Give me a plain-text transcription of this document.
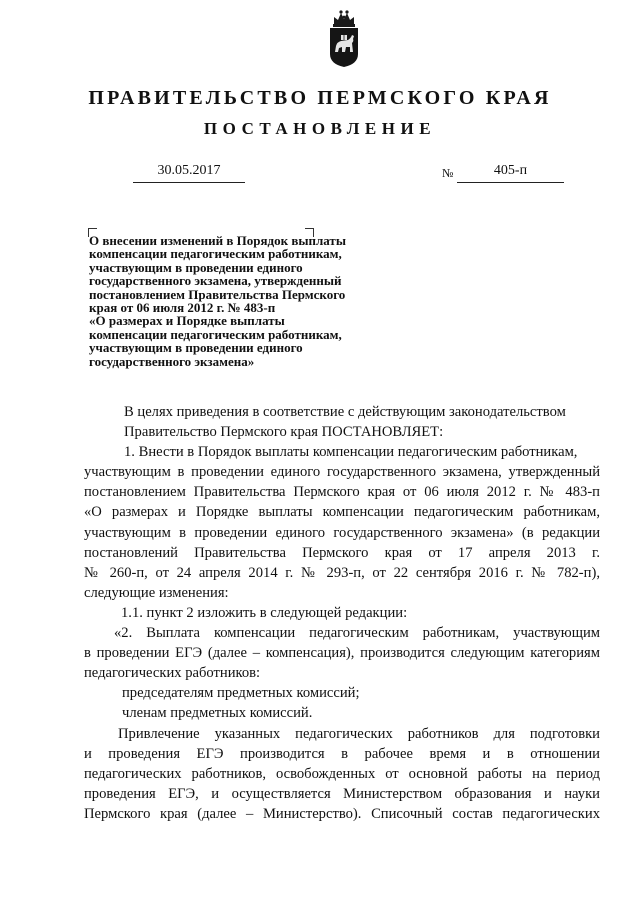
ПРАВИТЕЛЬСТВО ПЕРМСКОГО КРАЯ
ПОСТАНОВЛЕНИЕ
30.05.2017	№	405-п
О внесении изменений в Порядок выплаты
компенсации педагогическим работникам,
участвующим в проведении единого
государственного экзамена, утвержденный
постановлением Правительства Пермского
края от 06 июля 2012 г. № 483-п
«О размерах и Порядке выплаты
компенсации педагогическим работникам,
участвующим в проведении единого
государственного экзамена»
В целях приведения в соответствие с действующим законодательством
Правительство Пермского края ПОСТАНОВЛЯЕТ:
1. Внести в Порядок выплаты компенсации педагогическим работникам,
участвующим в проведении единого государственного экзамена, утвержденный
постановлением Правительства Пермского края от 06 июля 2012 г. № 483-п
«О размерах и Порядке выплаты компенсации педагогическим работникам,
участвующим в проведении единого государственного экзамена» (в редакции
постановлений Правительства Пермского края от 17 апреля 2013 г.
№ 260-п, от 24 апреля 2014 г. № 293-п, от 22 сентября 2016 г. № 782-п),
следующие изменения:
1.1. пункт 2 изложить в следующей редакции:
«2. Выплата компенсации педагогическим работникам, участвующим
в проведении ЕГЭ (далее – компенсация), производится следующим категориям
педагогических работников:
председателям предметных комиссий;
членам предметных комиссий.
Привлечение указанных педагогических работников для подготовки
и проведения ЕГЭ производится в рабочее время и в отношении
педагогических работников, освобожденных от основной работы на период
проведения ЕГЭ, и осуществляется Министерством образования и науки
Пермского края (далее – Министерство). Списочный состав педагогических
